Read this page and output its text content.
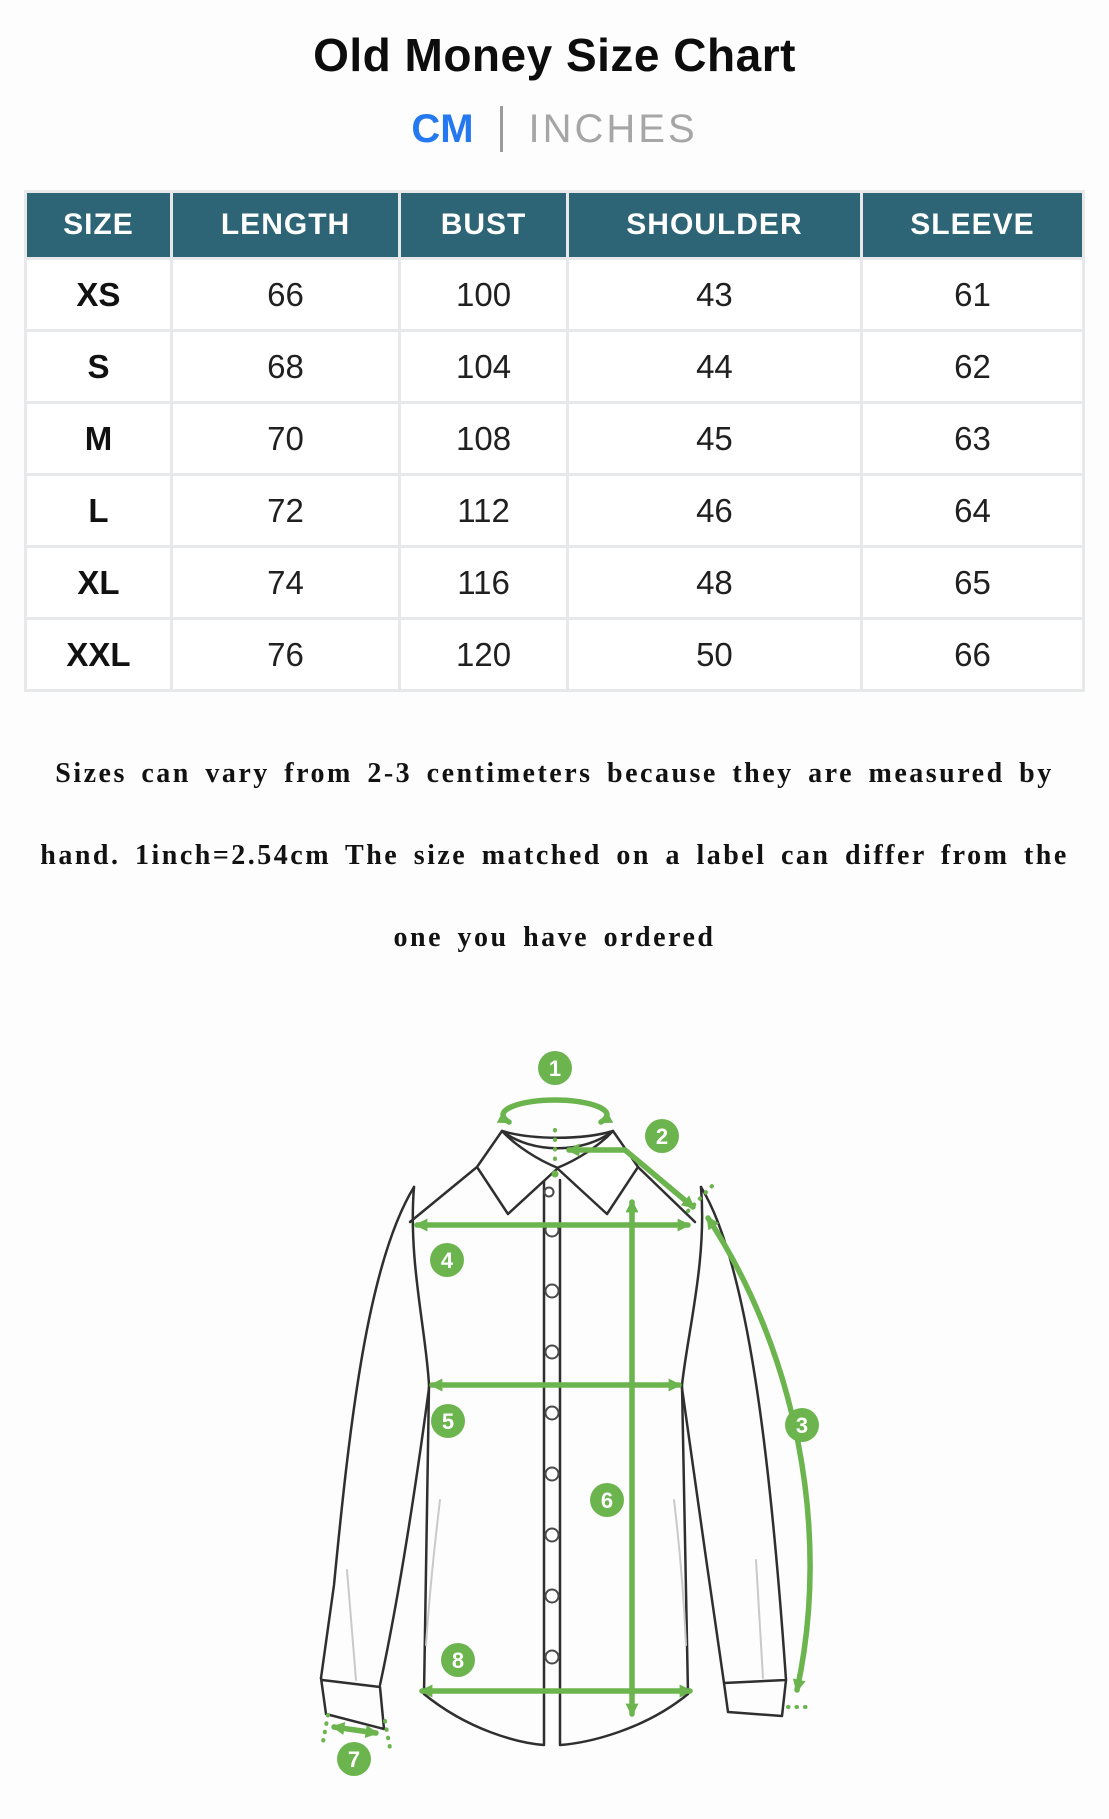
Old Money Size Chart
CM INCHES
SIZE	LENGTH	BUST	SHOULDER	SLEEVE
XS	66	100	43	61
S	68	104	44	62
M	70	108	45	63
L	72	112	46	64
XL	74	116	48	65
XXL	76	120	50	66
Sizes can vary from 2-3 centimeters because they are measured by
hand. 1inch=2.54cm The size matched on a label can differ from the
one you have ordered
1
2
3
4
5
6
7
8
